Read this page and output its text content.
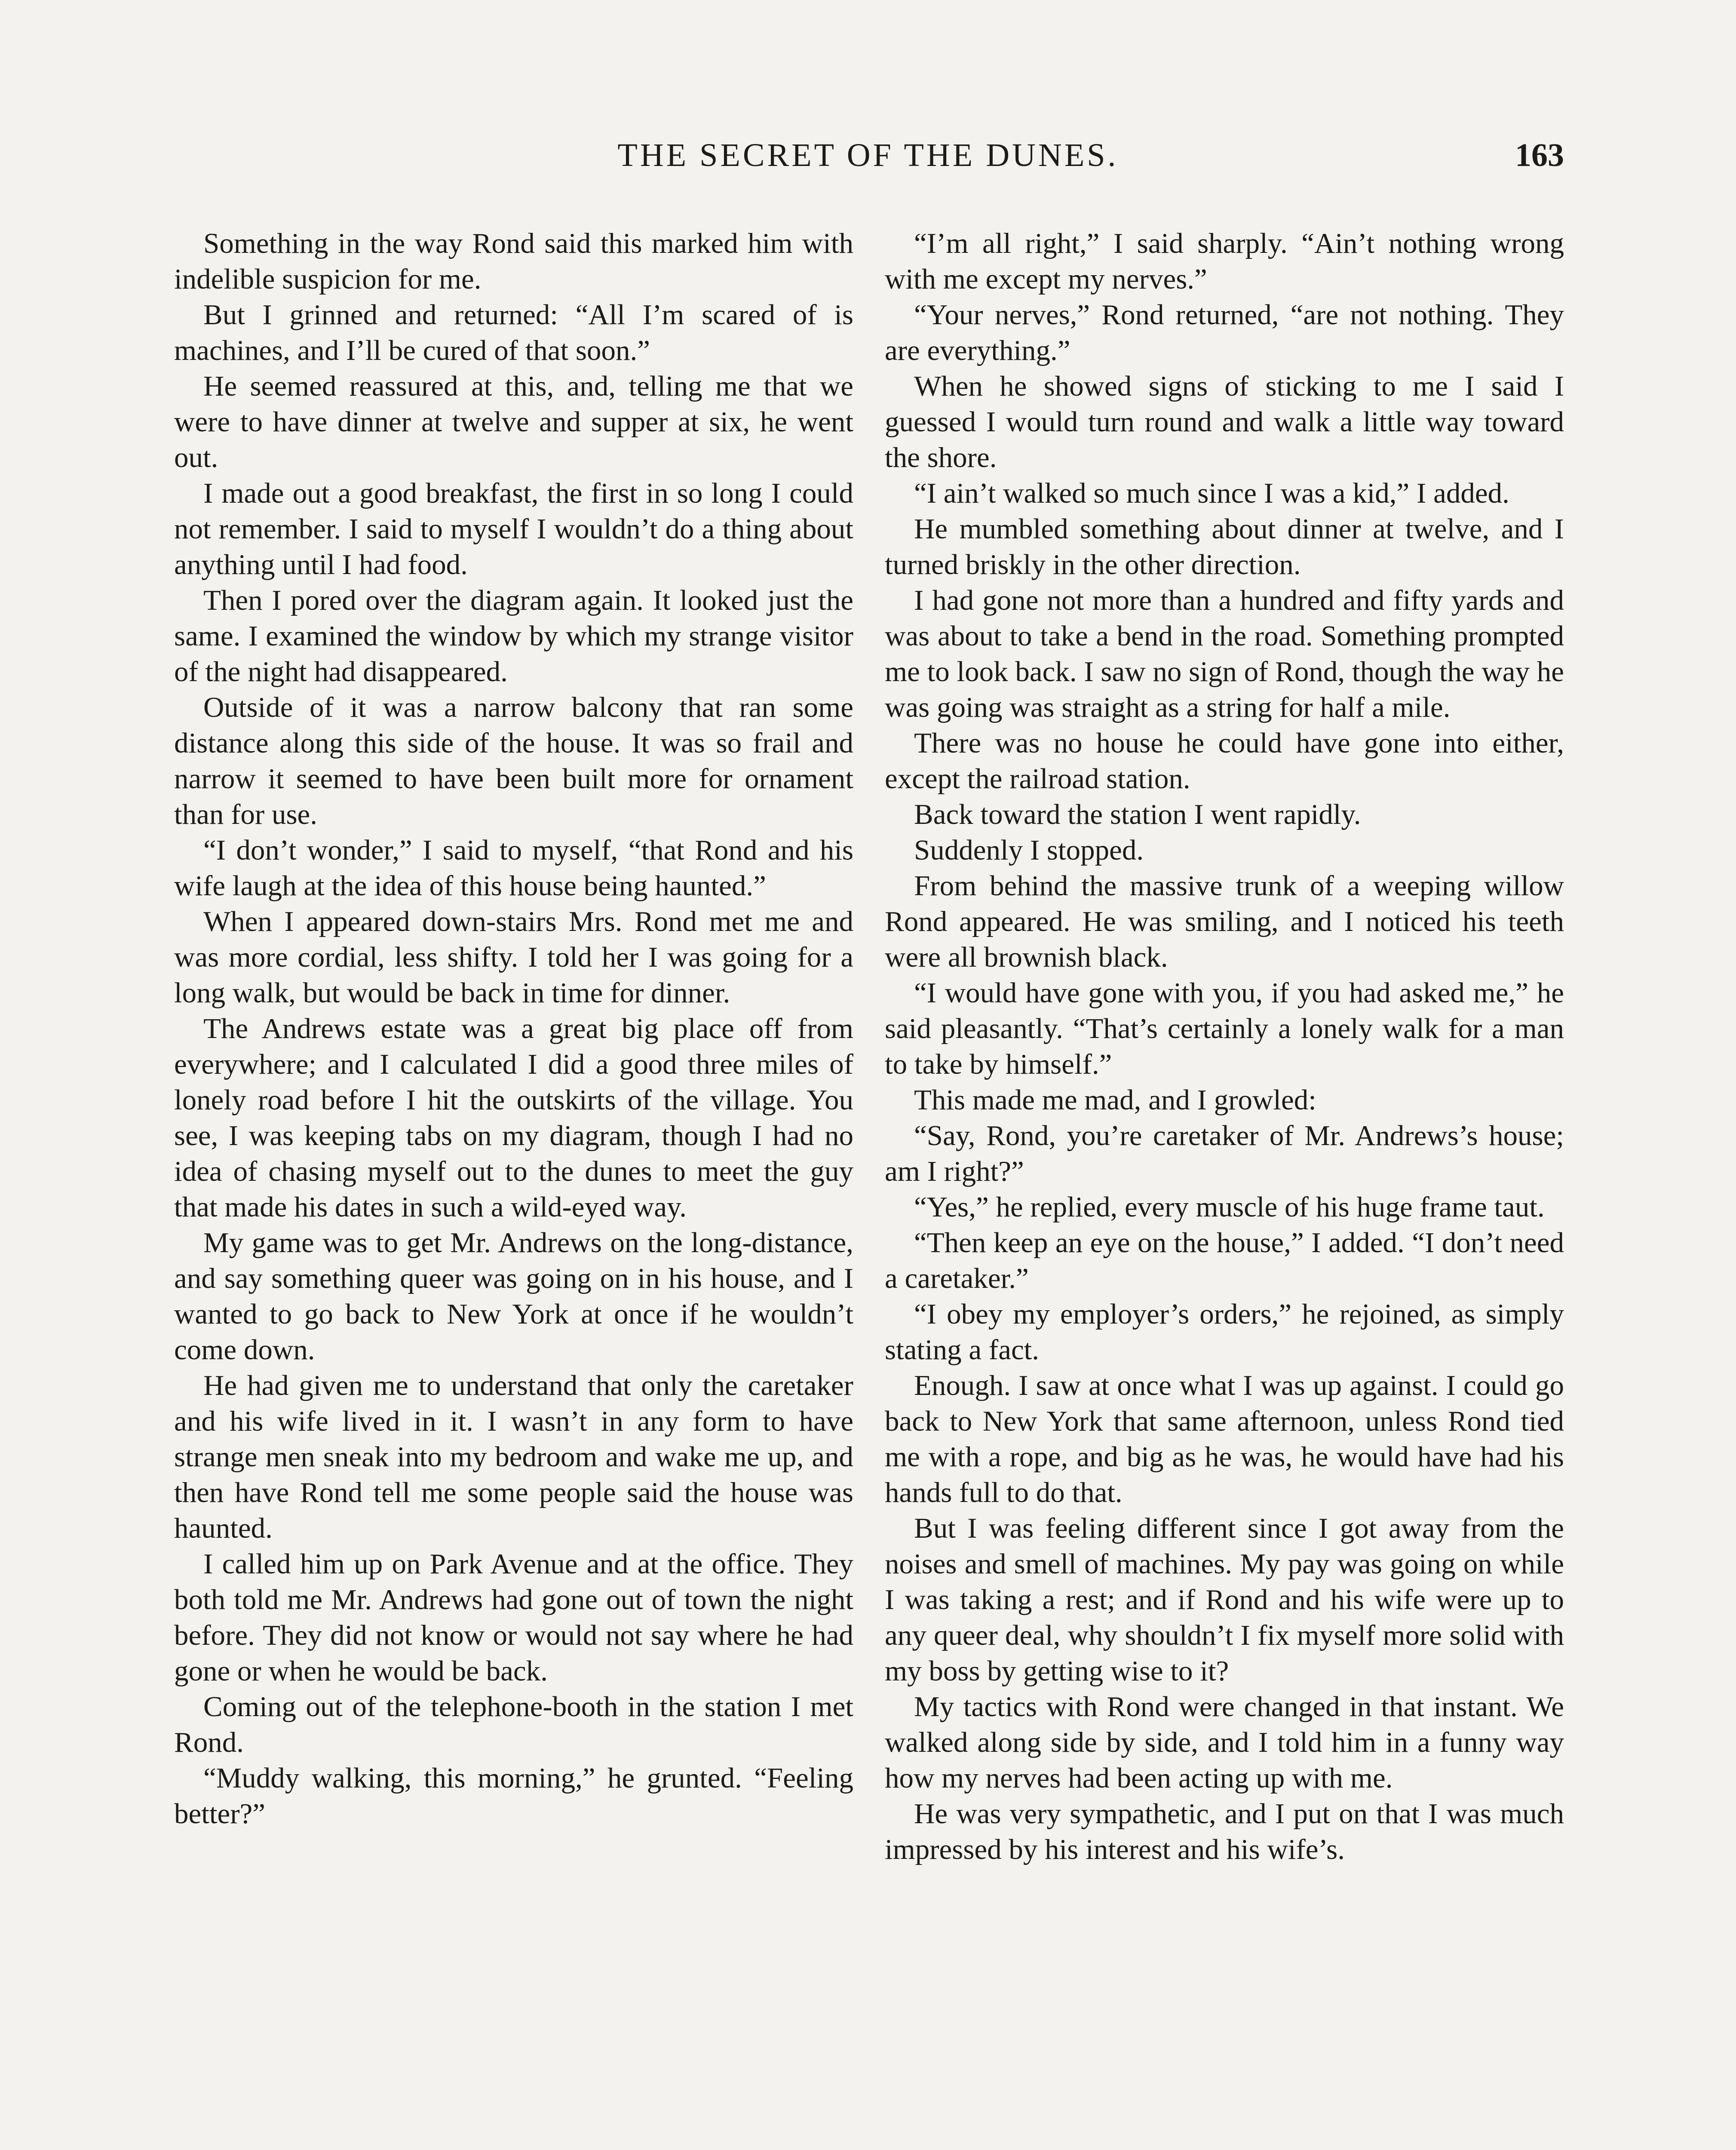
THE SECRET OF THE DUNES.	163

Something in the way Rond said this marked him with indelible suspicion for me.

But I grinned and returned: “All I’m scared of is machines, and I’ll be cured of that soon.”

He seemed reassured at this, and, telling me that we were to have dinner at twelve and supper at six, he went out.

I made out a good breakfast, the first in so long I could not remember. I said to myself I wouldn’t do a thing about anything until I had food.

Then I pored over the diagram again. It looked just the same. I examined the window by which my strange visitor of the night had disappeared.

Outside of it was a narrow balcony that ran some distance along this side of the house. It was so frail and narrow it seemed to have been built more for ornament than for use.

“I don’t wonder,” I said to myself, “that Rond and his wife laugh at the idea of this house being haunted.”

When I appeared down-stairs Mrs. Rond met me and was more cordial, less shifty. I told her I was going for a long walk, but would be back in time for dinner.

The Andrews estate was a great big place off from everywhere; and I calculated I did a good three miles of lonely road before I hit the outskirts of the village. You see, I was keeping tabs on my diagram, though I had no idea of chasing myself out to the dunes to meet the guy that made his dates in such a wild-eyed way.

My game was to get Mr. Andrews on the long-distance, and say something queer was going on in his house, and I wanted to go back to New York at once if he wouldn’t come down.

He had given me to understand that only the caretaker and his wife lived in it. I wasn’t in any form to have strange men sneak into my bedroom and wake me up, and then have Rond tell me some people said the house was haunted.

I called him up on Park Avenue and at the office. They both told me Mr. Andrews had gone out of town the night before. They did not know or would not say where he had gone or when he would be back.

Coming out of the telephone-booth in the station I met Rond.

“Muddy walking, this morning,” he grunted. “Feeling better?”

“I’m all right,” I said sharply. “Ain’t nothing wrong with me except my nerves.”

“Your nerves,” Rond returned, “are not nothing. They are everything.”

When he showed signs of sticking to me I said I guessed I would turn round and walk a little way toward the shore.

“I ain’t walked so much since I was a kid,” I added.

He mumbled something about dinner at twelve, and I turned briskly in the other direction.

I had gone not more than a hundred and fifty yards and was about to take a bend in the road. Something prompted me to look back. I saw no sign of Rond, though the way he was going was straight as a string for half a mile.

There was no house he could have gone into either, except the railroad station.

Back toward the station I went rapidly.

Suddenly I stopped.

From behind the massive trunk of a weeping willow Rond appeared. He was smiling, and I noticed his teeth were all brownish black.

“I would have gone with you, if you had asked me,” he said pleasantly. “That’s certainly a lonely walk for a man to take by himself.”

This made me mad, and I growled:

“Say, Rond, you’re caretaker of Mr. Andrews’s house; am I right?”

“Yes,” he replied, every muscle of his huge frame taut.

“Then keep an eye on the house,” I added. “I don’t need a caretaker.”

“I obey my employer’s orders,” he rejoined, as simply stating a fact.

Enough. I saw at once what I was up against. I could go back to New York that same afternoon, unless Rond tied me with a rope, and big as he was, he would have had his hands full to do that.

But I was feeling different since I got away from the noises and smell of machines. My pay was going on while I was taking a rest; and if Rond and his wife were up to any queer deal, why shouldn’t I fix myself more solid with my boss by getting wise to it?

My tactics with Rond were changed in that instant. We walked along side by side, and I told him in a funny way how my nerves had been acting up with me.

He was very sympathetic, and I put on that I was much impressed by his interest and his wife’s.
